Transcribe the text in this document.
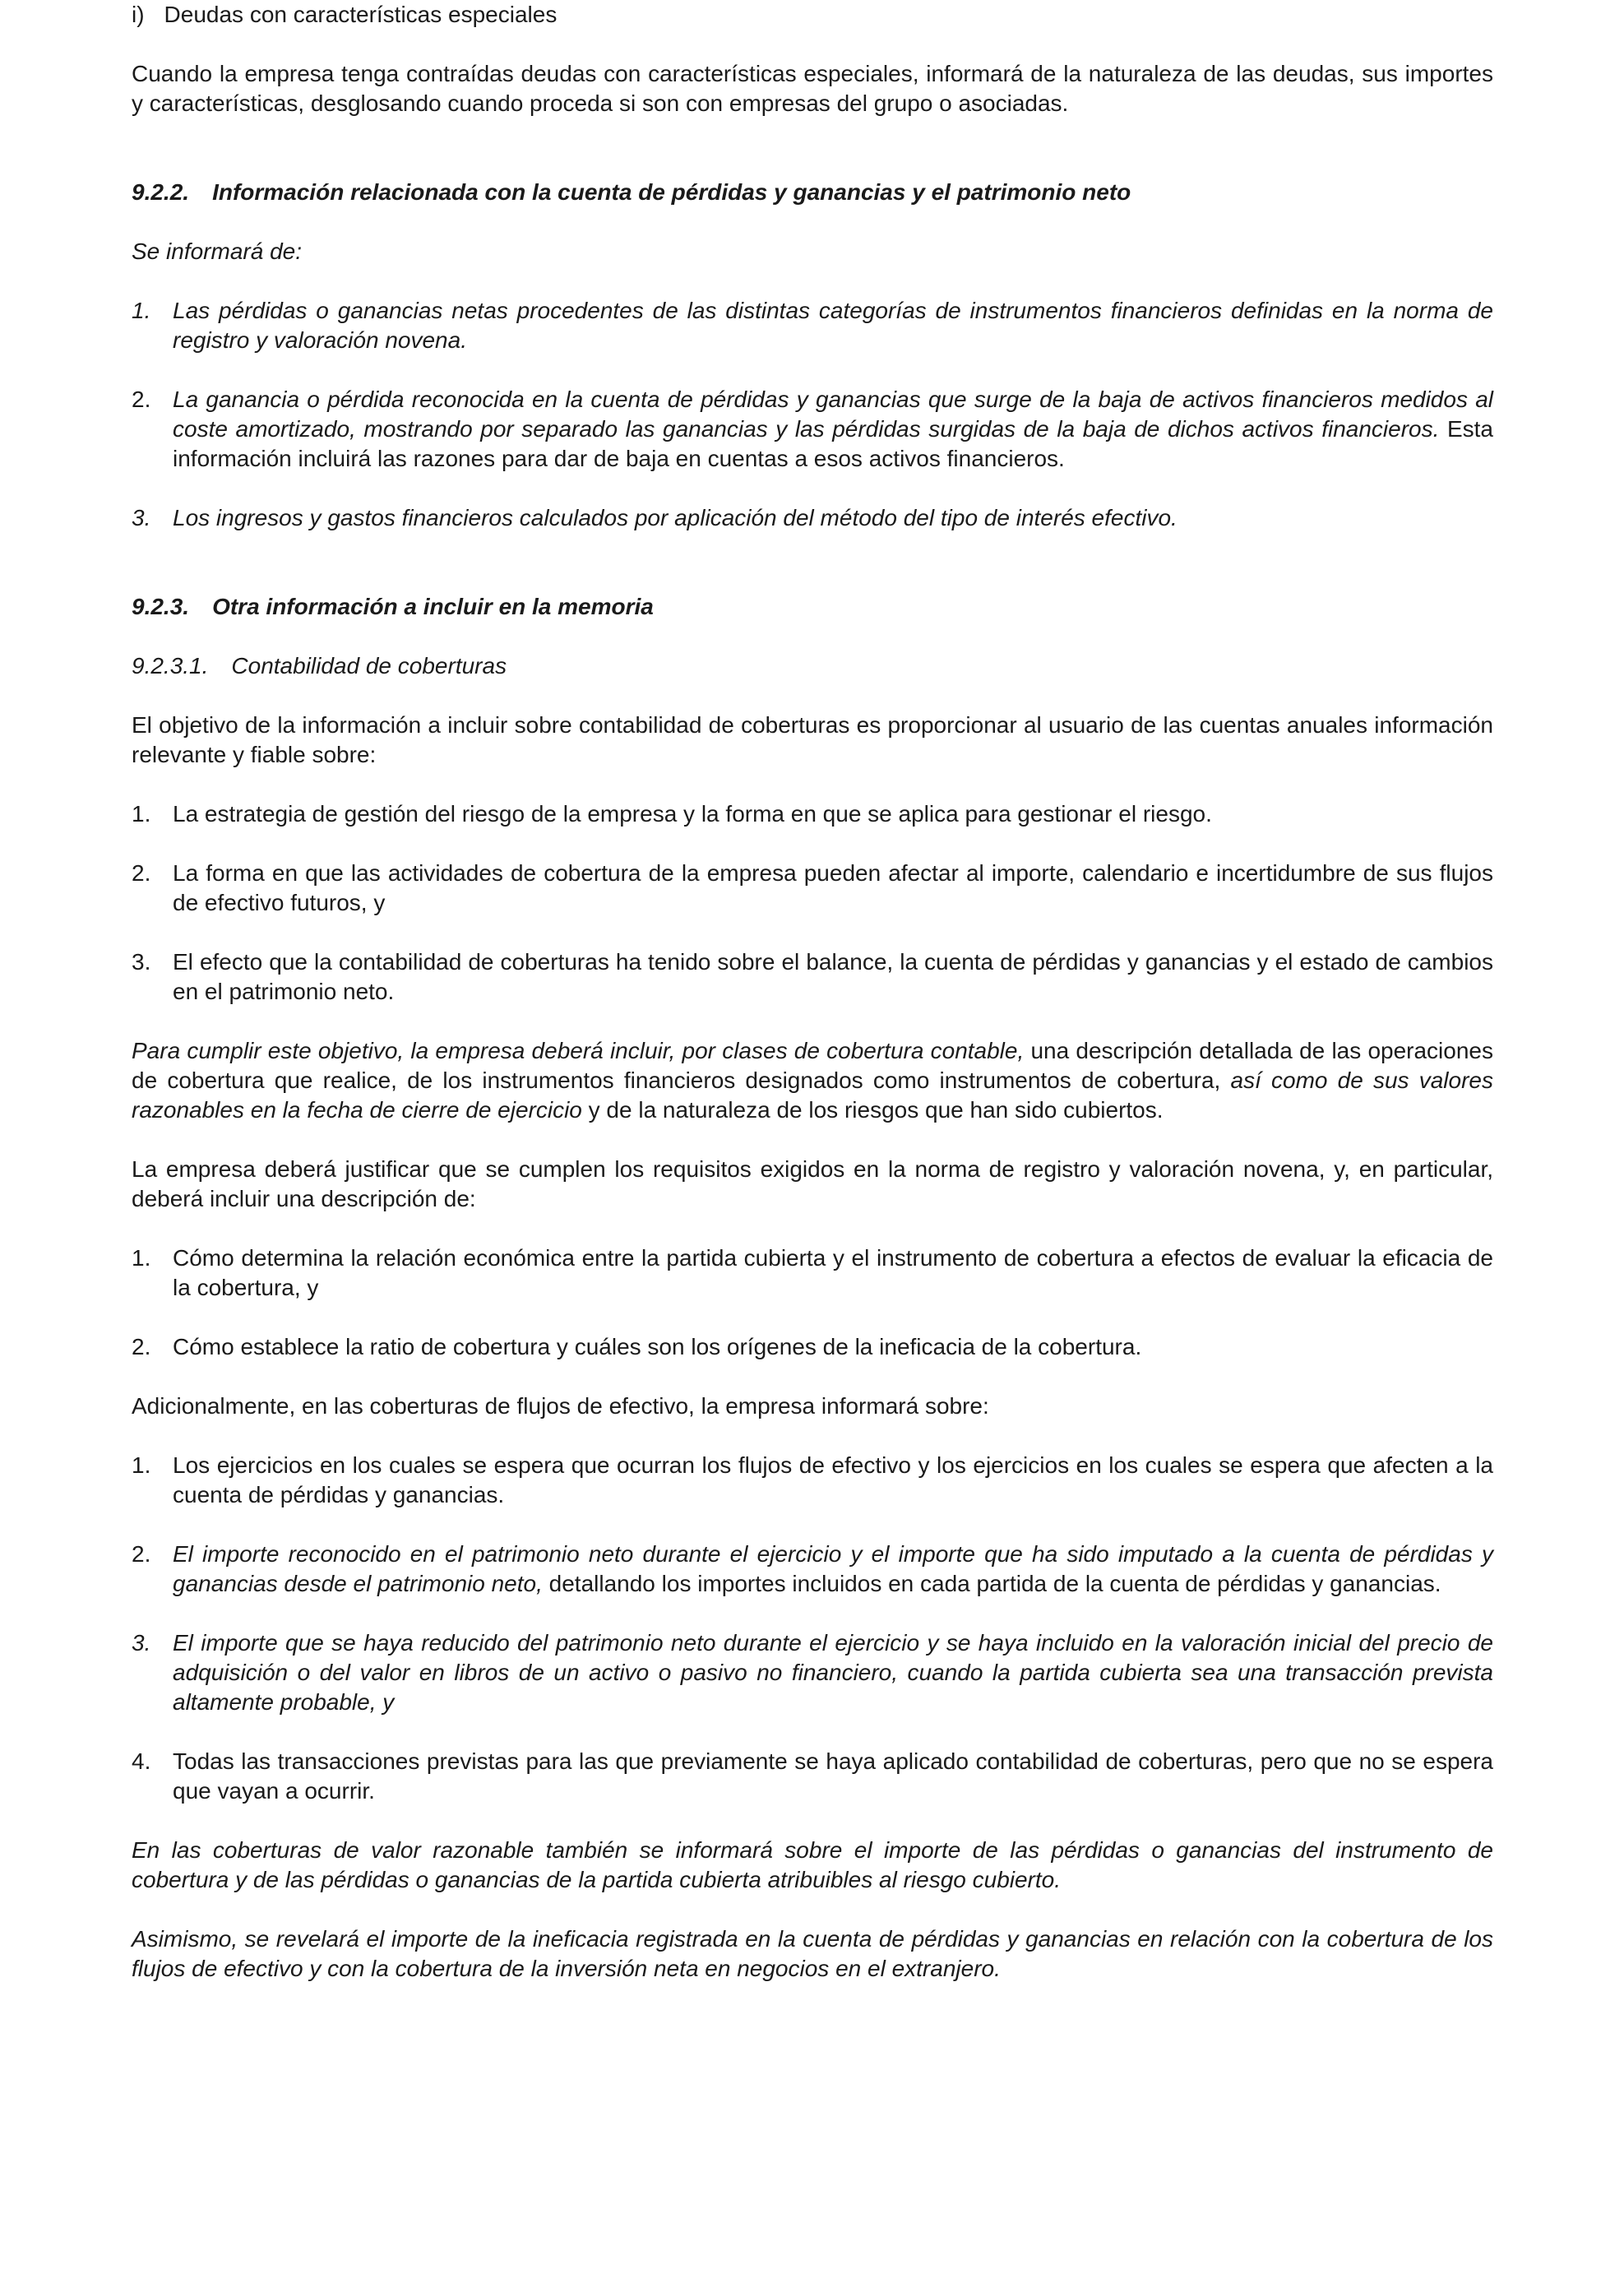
i) Deudas con características especiales

Cuando la empresa tenga contraídas deudas con características especiales, informará de la naturaleza de las deudas, sus importes y características, desglosando cuando proceda si son con empresas del grupo o asociadas.

9.2.2. Información relacionada con la cuenta de pérdidas y ganancias y el patrimonio neto

Se informará de:

1. Las pérdidas o ganancias netas procedentes de las distintas categorías de instrumentos financieros definidas en la norma de registro y valoración novena.

2. La ganancia o pérdida reconocida en la cuenta de pérdidas y ganancias que surge de la baja de activos financieros medidos al coste amortizado, mostrando por separado las ganancias y las pérdidas surgidas de la baja de dichos activos financieros. Esta información incluirá las razones para dar de baja en cuentas a esos activos financieros.

3. Los ingresos y gastos financieros calculados por aplicación del método del tipo de interés efectivo.

9.2.3. Otra información a incluir en la memoria

9.2.3.1. Contabilidad de coberturas

El objetivo de la información a incluir sobre contabilidad de coberturas es proporcionar al usuario de las cuentas anuales información relevante y fiable sobre:

1. La estrategia de gestión del riesgo de la empresa y la forma en que se aplica para gestionar el riesgo.

2. La forma en que las actividades de cobertura de la empresa pueden afectar al importe, calendario e incertidumbre de sus flujos de efectivo futuros, y

3. El efecto que la contabilidad de coberturas ha tenido sobre el balance, la cuenta de pérdidas y ganancias y el estado de cambios en el patrimonio neto.

Para cumplir este objetivo, la empresa deberá incluir, por clases de cobertura contable, una descripción detallada de las operaciones de cobertura que realice, de los instrumentos financieros designados como instrumentos de cobertura, así como de sus valores razonables en la fecha de cierre de ejercicio y de la naturaleza de los riesgos que han sido cubiertos.

La empresa deberá justificar que se cumplen los requisitos exigidos en la norma de registro y valoración novena, y, en particular, deberá incluir una descripción de:

1. Cómo determina la relación económica entre la partida cubierta y el instrumento de cobertura a efectos de evaluar la eficacia de la cobertura, y

2. Cómo establece la ratio de cobertura y cuáles son los orígenes de la ineficacia de la cobertura.

Adicionalmente, en las coberturas de flujos de efectivo, la empresa informará sobre:

1. Los ejercicios en los cuales se espera que ocurran los flujos de efectivo y los ejercicios en los cuales se espera que afecten a la cuenta de pérdidas y ganancias.

2. El importe reconocido en el patrimonio neto durante el ejercicio y el importe que ha sido imputado a la cuenta de pérdidas y ganancias desde el patrimonio neto, detallando los importes incluidos en cada partida de la cuenta de pérdidas y ganancias.

3. El importe que se haya reducido del patrimonio neto durante el ejercicio y se haya incluido en la valoración inicial del precio de adquisición o del valor en libros de un activo o pasivo no financiero, cuando la partida cubierta sea una transacción prevista altamente probable, y

4. Todas las transacciones previstas para las que previamente se haya aplicado contabilidad de coberturas, pero que no se espera que vayan a ocurrir.

En las coberturas de valor razonable también se informará sobre el importe de las pérdidas o ganancias del instrumento de cobertura y de las pérdidas o ganancias de la partida cubierta atribuibles al riesgo cubierto.

Asimismo, se revelará el importe de la ineficacia registrada en la cuenta de pérdidas y ganancias en relación con la cobertura de los flujos de efectivo y con la cobertura de la inversión neta en negocios en el extranjero.
